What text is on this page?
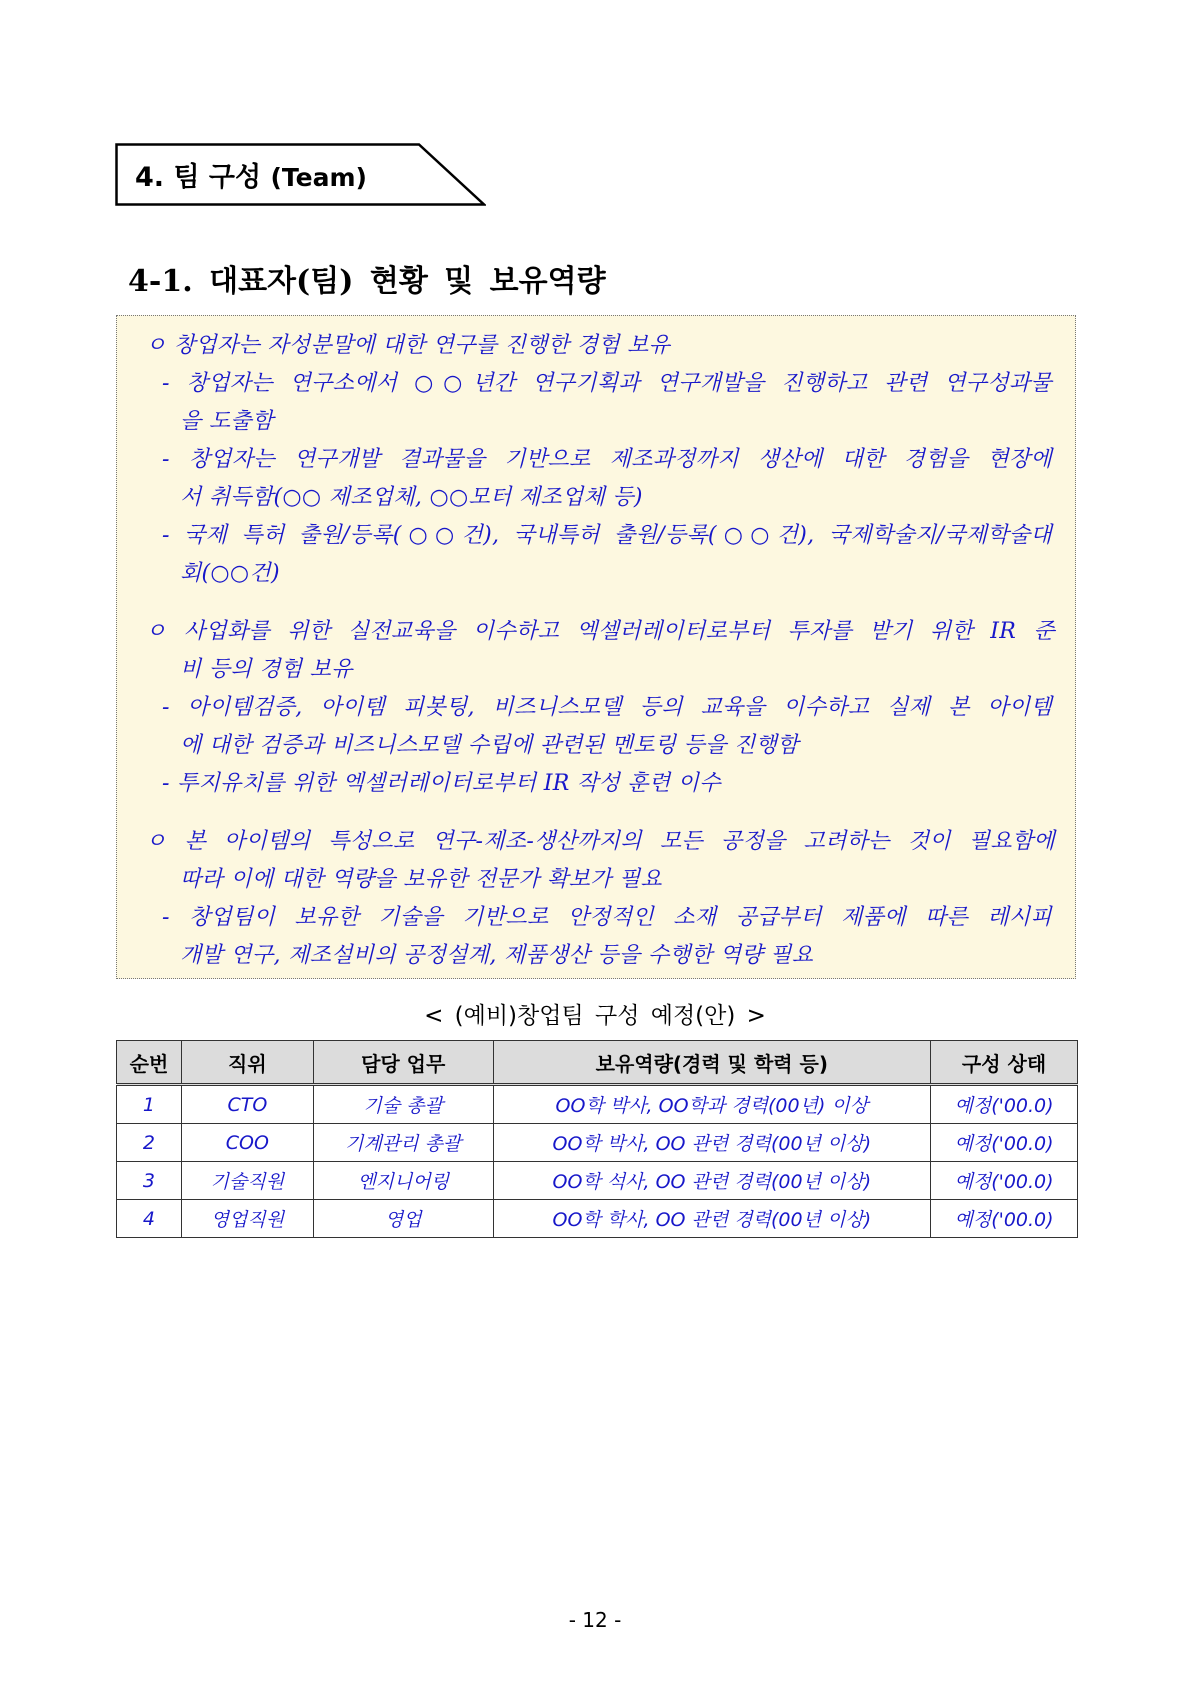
4. 팀 구성 (Team)
4-1. 대표자(팀) 현황 및 보유역량
ㅇ 창업자는 자성분말에 대한 연구를 진행한 경험 보유
- 창업자는 연구소에서 ○○년간 연구기획과 연구개발을 진행하고 관련 연구성과물
을 도출함
- 창업자는 연구개발 결과물을 기반으로 제조과정까지 생산에 대한 경험을 현장에
서 취득함(○○ 제조업체, ○○모터 제조업체 등)
- 국제 특허 출원/등록(○○건), 국내특허 출원/등록(○○건), 국제학술지/국제학술대
회(○○건)
ㅇ 사업화를 위한 실전교육을 이수하고 엑셀러레이터로부터 투자를 받기 위한 IR 준
비 등의 경험 보유
- 아이템검증, 아이템 피봇팅, 비즈니스모델 등의 교육을 이수하고 실제 본 아이템
에 대한 검증과 비즈니스모델 수립에 관련된 멘토링 등을 진행함
- 투지유치를 위한 엑셀러레이터로부터 IR 작성 훈련 이수
ㅇ 본 아이템의 특성으로 연구-제조-생산까지의 모든 공정을 고려하는 것이 필요함에
따라 이에 대한 역량을 보유한 전문가 확보가 필요
- 창업팀이 보유한 기술을 기반으로 안정적인 소재 공급부터 제품에 따른 레시피
개발 연구, 제조설비의 공정설계, 제품생산 등을 수행한 역량 필요
< (예비)창업팀 구성 예정(안) >
순번	직위	담당 업무	보유역량(경력 및 학력 등)	구성 상태
1	CTO	기술 총괄	OO학 박사, OO학과 경력(00년) 이상	예정('00.0)
2	COO	기계관리 총괄	OO학 박사, OO 관련 경력(00년 이상)	예정('00.0)
3	기술직원	엔지니어링	OO학 석사, OO 관련 경력(00년 이상)	예정('00.0)
4	영업직원	영업	OO학 학사, OO 관련 경력(00년 이상)	예정('00.0)
- 12 -
